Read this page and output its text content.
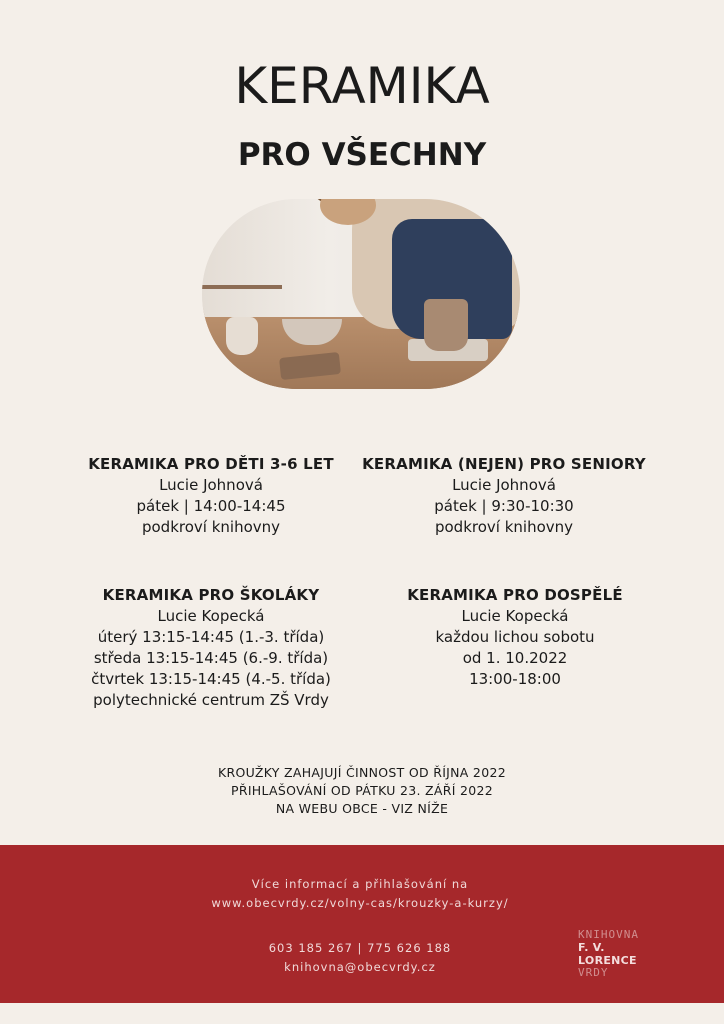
KERAMIKA
PRO VŠECHNY
KERAMIKA PRO DĚTI 3-6 LET

Lucie Johnová

pátek | 14:00-14:45

podkroví knihovny

KERAMIKA (NEJEN) PRO SENIORY

Lucie Johnová

pátek | 9:30-10:30

podkroví knihovny

KERAMIKA PRO ŠKOLÁKY

Lucie Kopecká

úterý 13:15-14:45 (1.-3. třída)

středa 13:15-14:45 (6.-9. třída)

čtvrtek 13:15-14:45 (4.-5. třída)

polytechnické centrum ZŠ Vrdy

KERAMIKA PRO DOSPĚLÉ

Lucie Kopecká

každou lichou sobotu

od 1. 10.2022

13:00-18:00

KROUŽKY ZAHAJUJÍ ČINNOST OD ŘÍJNA 2022

PŘIHLAŠOVÁNÍ OD PÁTKU 23. ZÁŘÍ 2022

NA WEBU OBCE - VIZ NÍŽE

Více informací a přihlašování na

www.obecvrdy.cz/volny-cas/krouzky-a-kurzy/

603 185 267 | 775 626 188

knihovna@obecvrdy.cz

KNIHOVNA
F. V. LORENCE
VRDY
